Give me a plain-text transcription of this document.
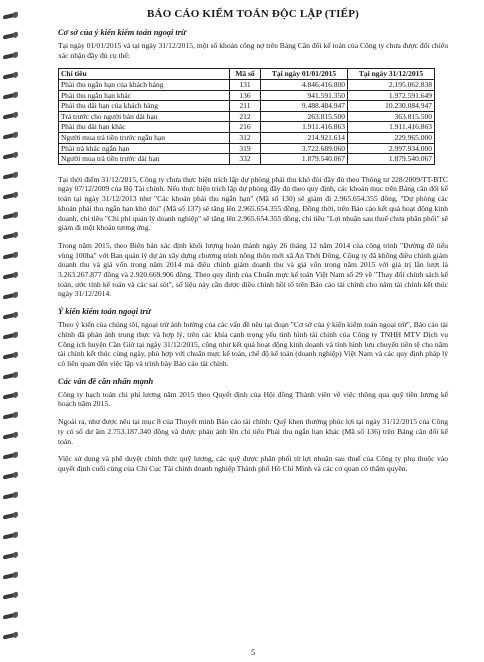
BÁO CÁO KIỂM TOÁN ĐỘC LẬP (TIẾP)
Cơ sở của ý kiến kiểm toán ngoại trừ

Tại ngày 01/01/2015 và tại ngày 31/12/2015, một số khoản công nợ trên Bảng Cân đối kế toán của Công ty chưa được đối chiếu xác nhận đầy đủ cụ thể:

Chỉ tiêu	Mã số	Tại ngày 01/01/2015	Tại ngày 31/12/2015
Phải thu ngắn hạn của khách hàng	131	4.846.416.800	2.195.062.838
Phải thu ngắn hạn khác	136	941.591.350	1.972.591.649
Phải thu dài hạn của khách hàng	211	9.488.484.947	10.230.084.947
Trả trước cho người bán dài hạn	212	263.815.500	363.815.500
Phải thu dài hạn khác	216	1.911.416.863	1.911.416.863
Người mua trả tiền trước ngắn hạn	312	214.921.614	229.965.000
Phải trả khác ngắn hạn	319	3.722.689.060	2.997.934.000
Người mua trả tiền trước dài hạn	332	1.879.540.067	1.879.540.067

Tại thời điểm 31/12/2015, Công ty chưa thực hiện trích lập dự phòng phải thu khó đòi đầy đủ theo Thông tư 228/2009/TT-BTC ngày 07/12/2009 của Bộ Tài chính. Nếu thực hiện trích lập dự phòng đầy đủ theo quy định, các khoản mục trên Bảng cân đối kế toán tại ngày 31/12/2013 như "Các khoản phải thu ngắn hạn" (Mã số 130) sẽ giảm đi 2.965.654.355 đồng, "Dự phòng các khoản phải thu ngắn hạn khó đòi" (Mã số 137) sẽ tăng lên 2.965.654.355 đồng. Đồng thời, trên Báo cáo kết quả hoạt động kinh doanh, chỉ tiêu "Chi phí quản lý doanh nghiệp" sẽ tăng lên 2.965.654.355 đồng, chỉ tiêu "Lợi nhuận sau thuế chưa phân phối" sẽ giảm đi một khoản tương ứng.

Trong năm 2015, theo Biên bản xác định khối lượng hoàn thành ngày 26 tháng 12 năm 2014 của công trình "Đường đê tiểu vùng 100ha" với Ban quản lý dự án xây dựng chương trình nông thôn mới xã An Thới Đông, Công ty đã không điều chỉnh giảm doanh thu và giá vốn trong năm 2014 mà điều chỉnh giảm doanh thu và giá vốn trong năm 2015 với giá trị lần lượt là 3.263.267.877 đồng và 2.920.669.906 đồng. Theo quy định của Chuẩn mực kế toán Việt Nam số 29 về "Thay đổi chính sách kế toán, ước tính kế toán và các sai sót", số liệu này cần được điều chỉnh hồi tố trên Báo cáo tài chính cho năm tài chính kết thúc ngày 31/12/2014.

Ý kiến kiểm toán ngoại trừ

Theo ý kiến của chúng tôi, ngoại trừ ảnh hưởng của các vấn đề nêu tại đoạn "Cơ sở của ý kiến kiểm toán ngoại trừ", Báo cáo tài chính đã phản ánh trung thực và hợp lý, trên các khía cạnh trọng yếu tình hình tài chính của Công ty TNHH MTV Dịch vụ Công ích huyện Cần Giờ tại ngày 31/12/2015, cũng như kết quả hoạt động kinh doanh và tình hình lưu chuyển tiền tệ cho năm tài chính kết thúc cùng ngày, phù hợp với chuẩn mực kế toán, chế độ kế toán (doanh nghiệp) Việt Nam và các quy định pháp lý có liên quan đến việc lập và trình bày Báo cáo tài chính.

Các vấn đề cần nhấn mạnh

Công ty hạch toán chi phí lương năm 2015 theo Quyết định của Hội đồng Thành viên về việc thông qua quỹ tiền lương kế hoạch năm 2015.

Ngoài ra, như được nêu tại mục 8 của Thuyết minh Báo cáo tài chính: Quỹ khen thưởng phúc lợi tại ngày 31/12/2015 của Công ty có số dư âm 2.753.187.340 đồng và được phản ánh lên chỉ tiêu Phải thu ngắn hạn khác (Mã số 136) trên Bảng cân đối kế toán.

Việc sử dụng và phê duyệt chính thức quỹ lương, các quỹ được phân phối từ lợi nhuận sau thuế của Công ty phụ thuộc vào quyết định cuối cùng của Chi Cục Tài chính doanh nghiệp Thành phố Hồ Chí Minh và các cơ quan có thẩm quyền.

5
